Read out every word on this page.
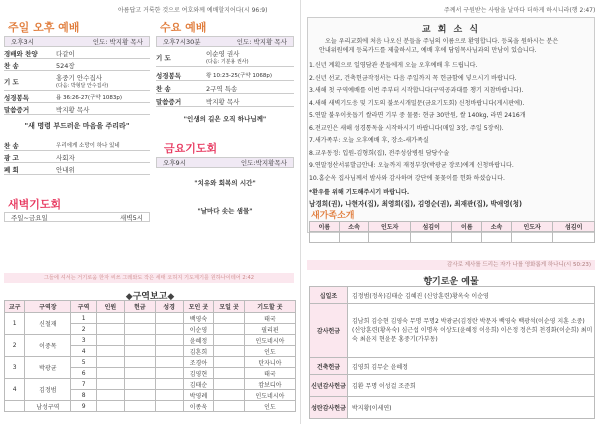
아름답고 거룩한 것으로 여호와께 예배할지어다(시 96:9)
주일 오후 예배
오후3시	인도: 박지황 목사
경배와 찬양	다같이
찬 송	524장
기 도	홍중기 안수집사
(다음: 박형달 안수집사)
성경봉독	욥 36:26-27(구약 1083p)
말씀증거	박지황 목사
"새 명령 부드러운 마음을 주리라"
찬 송	우리에게 소망이 하나 있네
광 고	사회자
폐 회	안내위
새벽기도회
주일~금요일	새벽5시
수요 예배
오후7시30분	인도: 박지황 목사
기 도	이순영 권사
(다음: 기분용 권사)
성경봉독	왕 10:23-25(구약 1068p)
찬 송	2구역 특송
말씀증거	박지황 목사
"인생의 길은 오직 하나님께"
금요기도회
오후9시	인도:박지황목사
"치유와 회복의 시간"
"날마다 솟는 샘물"
그들에 셔서는 거기로움 한자 씨쓰 그레와도 작은 세태 오허지 기도계기를 원하나이테어 2:42
◆구역보고◆
교구	구역장	구역	인원	헌금	성경	모인 곳	모일 곳	기도할 곳
1	신철재	1				백영숙		태국
		2				이순영		필리핀
2	이중목	3				윤혜정		인도네시아
		4				김혼희		인도
3	박광균	5				조경아		탄자니아
		6				김영현		태국
4	김정범	7				김태순		캄보디아
		8				박영례		인도네시아
	남성구역	9				이종욱		인도
주께서 구원받는 사람을 날마다 더하게 하시니라(행 2:47)
교 회 소 식
오늘 우리교회에 처음 나오신 분들을 주님의 이름으로 환영합니다. 등록을 원하시는 분은
안내위원에게 등록카드를 제출하시고, 예배 후에 담임목사님과의 만남이 있습니다.
1.신년 계획으로 일영담관 분들에게 오늘 오후예배 후 드립니다.
2.신년 선교, 건축헌금작정서는 다음 주일까지 꼭 헌금함에 넣으시기 바랍니다.
3.새해 첫 구역예배를 이번 주부터 시작합니다(구역공과대를 챙기 지참바랍니다).
4.새해 새벽기도응 및 기도의 불쏘시개밀문(금요기도회) 신청바랍니다(게시판에).
5.연말 불우이웃돕기 쌀라면 기부 중 물품: 현금 30만원, 쌀 140kg, 라면 2416개
6.전교인은 새해 성경통독을 시작하시기 바랍니다(매일 3장, 주일 5장씩).
7.새가족부: 오늘 오후예배 후, 장소-새가족실
8.교우동정: 입원-김형희(집), 전주성삼병원 담당수술
9.연말정산서류발급안내: 오늘까지 재정부장(박광균 장로)에게 신청바랍니다.
10.홈순옥 집사님께서 밤사와 감사하며 강단에 꽃꽂이를 헌화 하셨습니다.
*환우를 위해 기도해주시기 바랍니다.
남경희(권), 나현자(집), 최영희(집), 김영순(권), 최재관(집), 박애영(청)
새가족소개
이름	소속	인도자	섬김이	이름	소속	인도자	섬김이

감사로 제사를 드리는 자가 나를 영화롭게 하나니(시 50:23)
향기로운 예물
십일조	김정범(정옥)김태순 김혜진 (신앙훈련)황옥숙 이순영
감사헌금	김남희 김승현 김영숙 무명 무명2 박광균(김정란 박문자 백영숙 백광석(이순영 지훈 소중) (신앙훈련(황옥숙) 심근섭 이명옥 이상도(윤혜정 이응희) 이은정 정은희 천경화(이순희) 최미숙 최윤지 현윤문 홍중기(가부동)
건축헌금	김영희 김무순 윤혜정
신년감사헌금	김환 무명 이성걸 조준희
성탄감사헌금	박지황(이세연)
